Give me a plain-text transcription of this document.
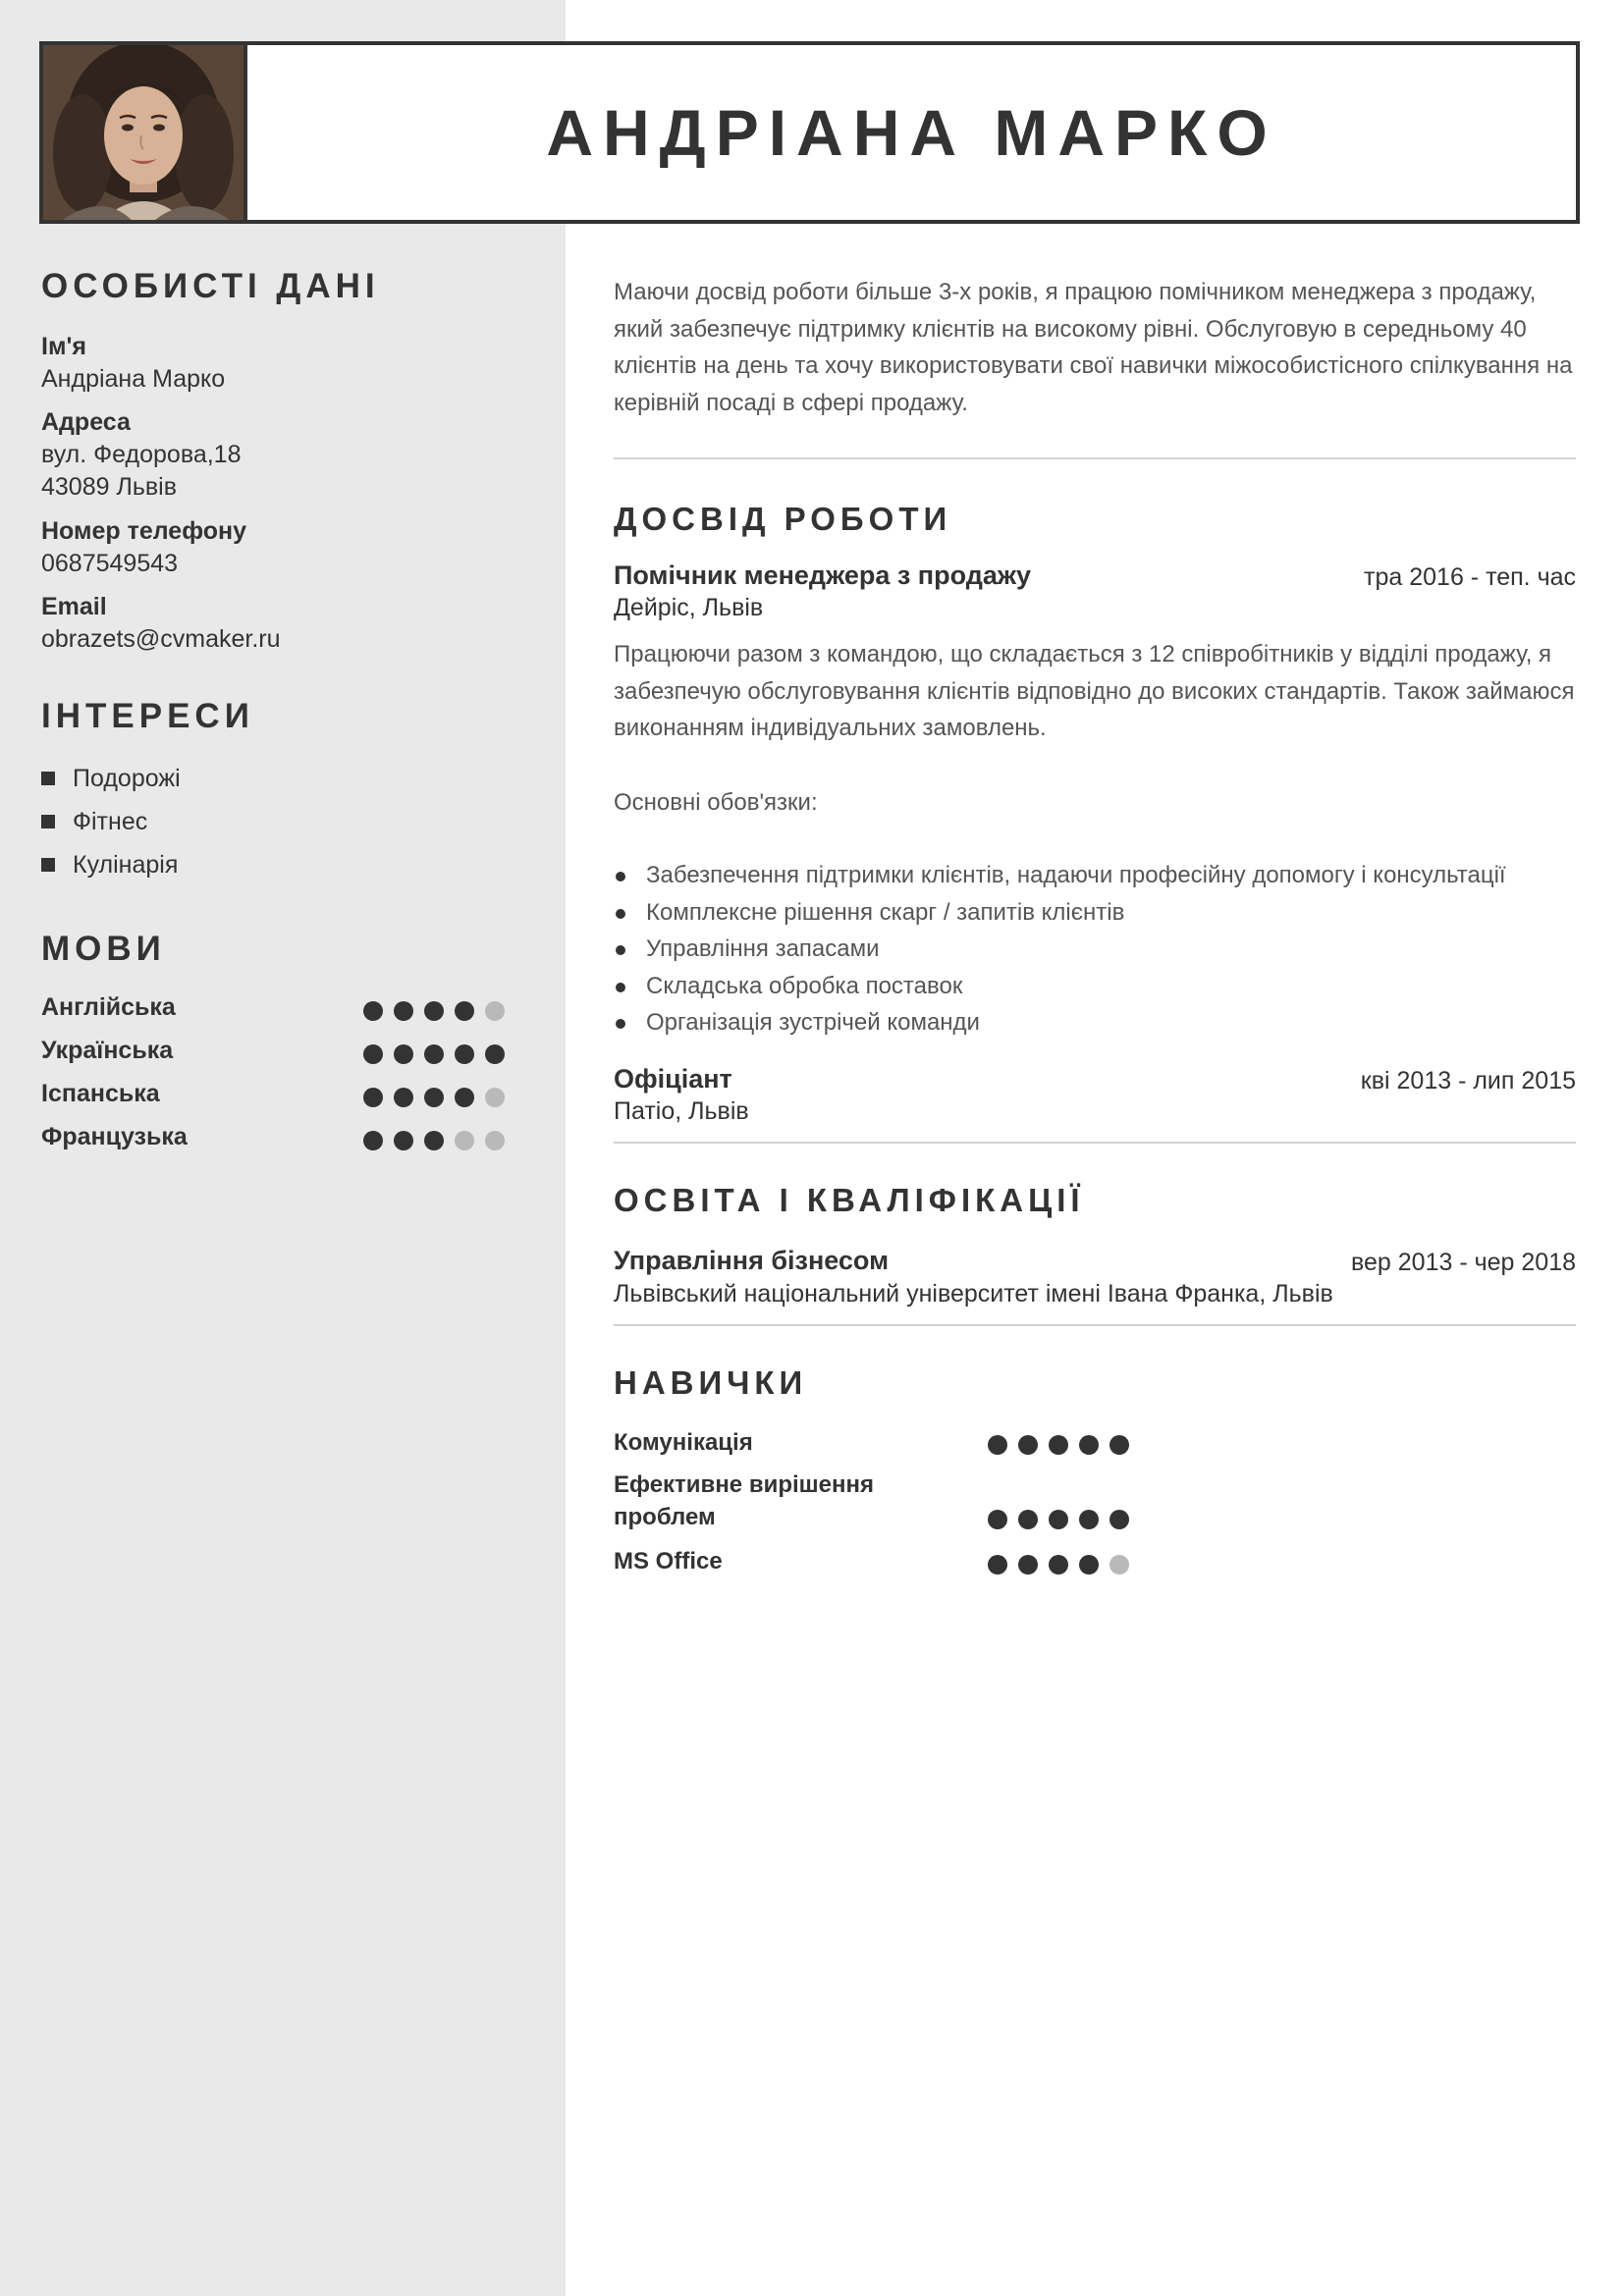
АНДРІАНА МАРКО
ОСОБИСТІ ДАНІ
Ім'я
Андріана Марко
Адреса
вул. Федорова,18
43089 Львів
Номер телефону
0687549543
Email
obrazets@cvmaker.ru
ІНТЕРЕСИ
Подорожі
Фітнес
Кулінарія
МОВИ
Англійська
Українська
Іспанська
Французька
Маючи досвід роботи більше 3-х років, я працюю помічником менеджера з продажу, який забезпечує підтримку клієнтів на високому рівні. Обслуговую в середньому 40 клієнтів на день та хочу використовувати свої навички міжособистісного спілкування на керівній посаді в сфері продажу.
ДОСВІД РОБОТИ
Помічник менеджера з продажу	тра 2016 - теп. час
Дейріс, Львів
Працюючи разом з командою, що складається з 12 співробітників у відділі продажу, я забезпечую обслуговування клієнтів відповідно до високих стандартів. Також займаюся виконанням індивідуальних замовлень.
Основні обов'язки:
Забезпечення підтримки клієнтів, надаючи професійну допомогу і консультації
Комплексне рішення скарг / запитів клієнтів
Управління запасами
Складська обробка поставок
Організація зустрічей команди
Офіціант	кві 2013 - лип 2015
Патіо, Львів
ОСВІТА І КВАЛІФІКАЦІЇ
Управління бізнесом	вер 2013 - чер 2018
Львівський національний університет імені Івана Франка, Львів
НАВИЧКИ
Комунікація
Ефективне вирішення проблем
MS Office
